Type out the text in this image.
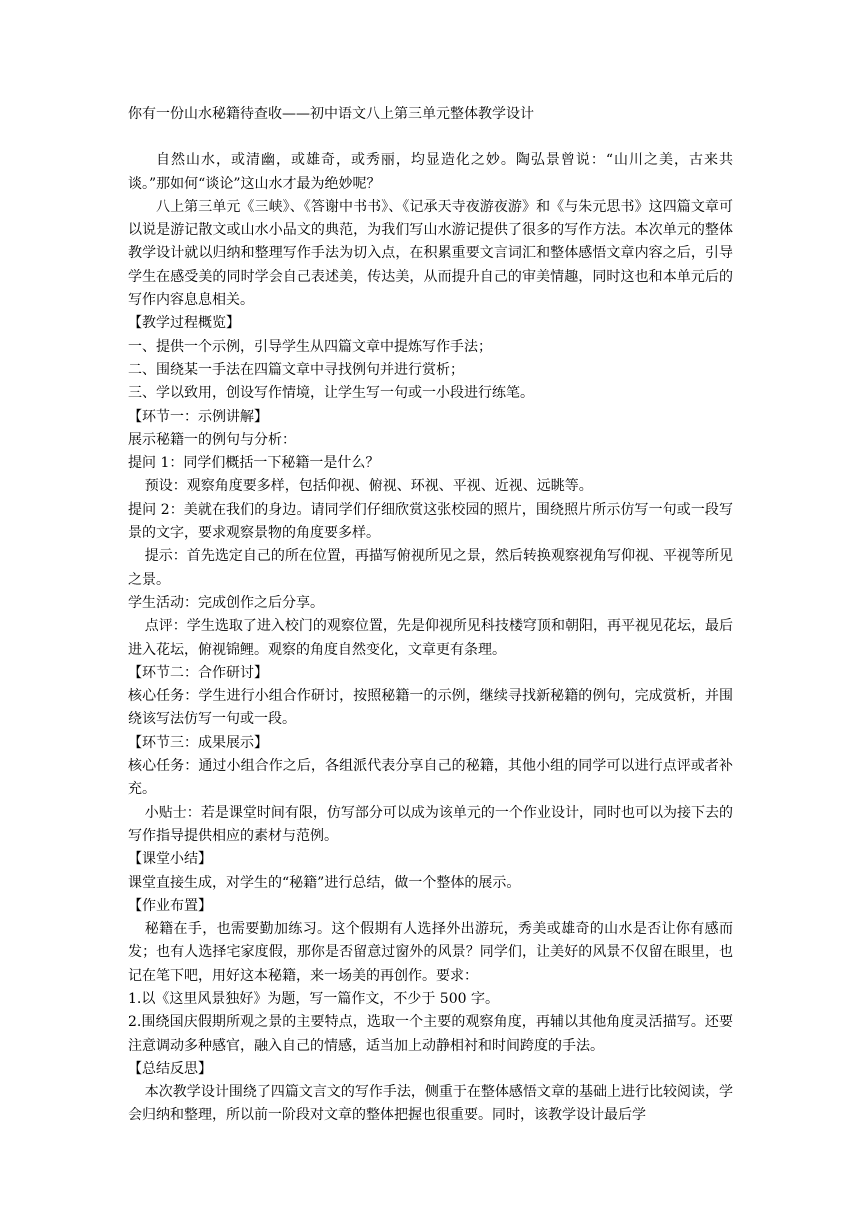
你有一份山水秘籍待查收——初中语文八上第三单元整体教学设计

自然山水，或清幽，或雄奇，或秀丽，均显造化之妙。陶弘景曾说：“山川之美，古来共谈。”那如何“谈论”这山水才最为绝妙呢？

八上第三单元《三峡》、《答谢中书书》、《记承天寺夜游夜游》和《与朱元思书》这四篇文章可以说是游记散文或山水小品文的典范，为我们写山水游记提供了很多的写作方法。本次单元的整体教学设计就以归纳和整理写作手法为切入点，在积累重要文言词汇和整体感悟文章内容之后，引导学生在感受美的同时学会自己表述美，传达美，从而提升自己的审美情趣，同时这也和本单元后的写作内容息息相关。

【教学过程概览】

一、提供一个示例，引导学生从四篇文章中提炼写作手法；

二、围绕某一手法在四篇文章中寻找例句并进行赏析；

三、学以致用，创设写作情境，让学生写一句或一小段进行练笔。

【环节一：示例讲解】

展示秘籍一的例句与分析：

提问 1：同学们概括一下秘籍一是什么？

预设：观察角度要多样，包括仰视、俯视、环视、平视、近视、远眺等。

提问 2：美就在我们的身边。请同学们仔细欣赏这张校园的照片，围绕照片所示仿写一句或一段写景的文字，要求观察景物的角度要多样。

提示：首先选定自己的所在位置，再描写俯视所见之景，然后转换观察视角写仰视、平视等所见之景。

学生活动：完成创作之后分享。

点评：学生选取了进入校门的观察位置，先是仰视所见科技楼穹顶和朝阳，再平视见花坛，最后进入花坛，俯视锦鲤。观察的角度自然变化，文章更有条理。

【环节二：合作研讨】

核心任务：学生进行小组合作研讨，按照秘籍一的示例，继续寻找新秘籍的例句，完成赏析，并围绕该写法仿写一句或一段。

【环节三：成果展示】

核心任务：通过小组合作之后，各组派代表分享自己的秘籍，其他小组的同学可以进行点评或者补充。

小贴士：若是课堂时间有限，仿写部分可以成为该单元的一个作业设计，同时也可以为接下去的写作指导提供相应的素材与范例。

【课堂小结】

课堂直接生成，对学生的“秘籍”进行总结，做一个整体的展示。

【作业布置】

秘籍在手，也需要勤加练习。这个假期有人选择外出游玩，秀美或雄奇的山水是否让你有感而发；也有人选择宅家度假，那你是否留意过窗外的风景？同学们，让美好的风景不仅留在眼里，也记在笔下吧，用好这本秘籍，来一场美的再创作。要求：

1.以《这里风景独好》为题，写一篇作文，不少于 500 字。

2.围绕国庆假期所观之景的主要特点，选取一个主要的观察角度，再辅以其他角度灵活描写。还要注意调动多种感官，融入自己的情感，适当加上动静相衬和时间跨度的手法。

【总结反思】

本次教学设计围绕了四篇文言文的写作手法，侧重于在整体感悟文章的基础上进行比较阅读，学会归纳和整理，所以前一阶段对文章的整体把握也很重要。同时，该教学设计最后学
